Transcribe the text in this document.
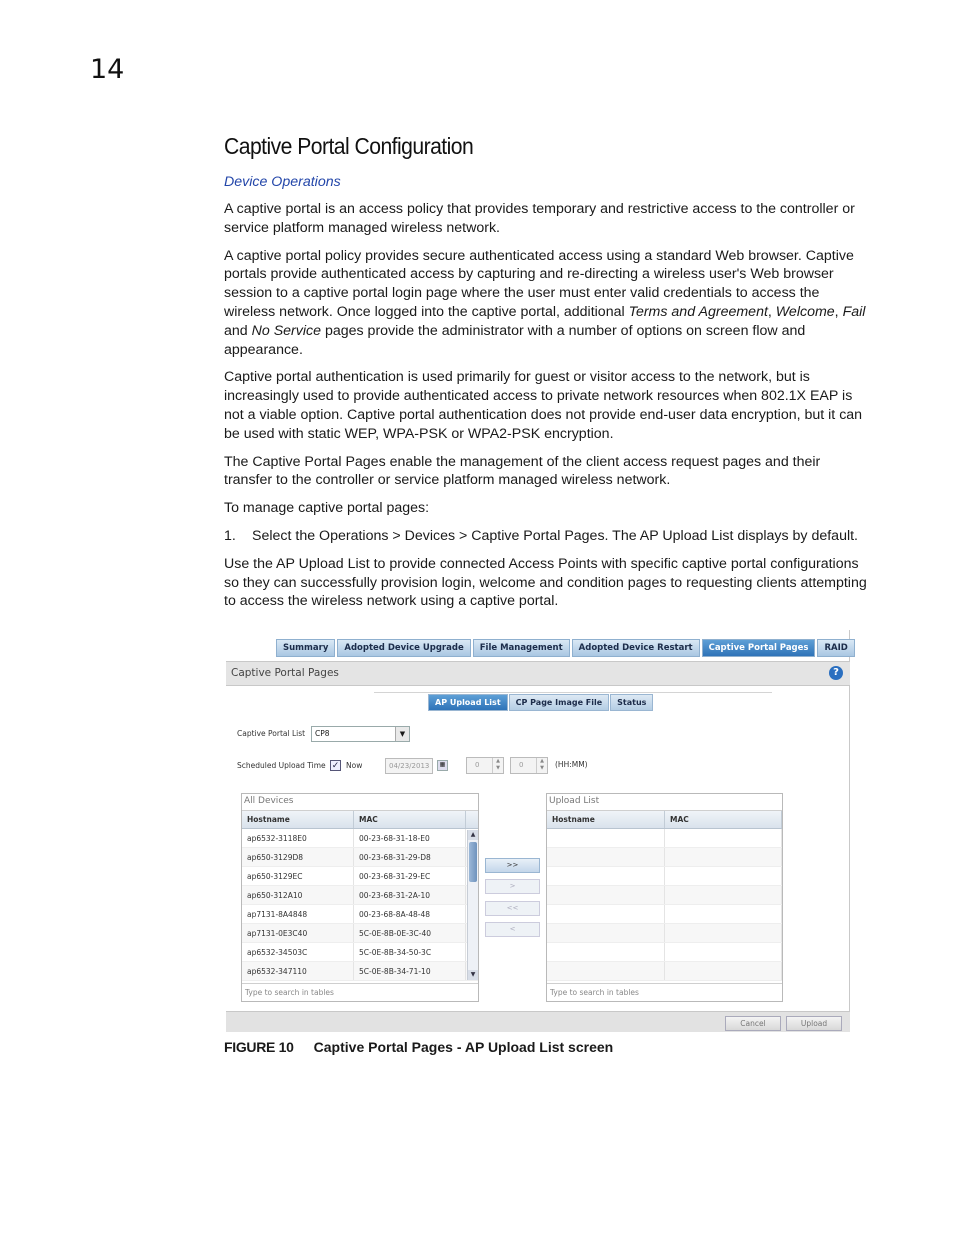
14
Captive Portal Configuration
Device Operations

A captive portal is an access policy that provides temporary and restrictive access to the controller or service platform managed wireless network.

A captive portal policy provides secure authenticated access using a standard Web browser. Captive portals provide authenticated access by capturing and re-directing a wireless user's Web browser session to a captive portal login page where the user must enter valid credentials to access the wireless network. Once logged into the captive portal, additional Terms and Agreement, Welcome, Fail and No Service pages provide the administrator with a number of options on screen flow and appearance.

Captive portal authentication is used primarily for guest or visitor access to the network, but is increasingly used to provide authenticated access to private network resources when 802.1X EAP is not a viable option. Captive portal authentication does not provide end-user data encryption, but it can be used with static WEP, WPA-PSK or WPA2-PSK encryption.

The Captive Portal Pages enable the management of the client access request pages and their transfer to the controller or service platform managed wireless network.

To manage captive portal pages:

1.	Select the Operations > Devices > Captive Portal Pages. The AP Upload List displays by default.

Use the AP Upload List to provide connected Access Points with specific captive portal configurations so they can successfully provision login, welcome and condition pages to requesting clients attempting to access the wireless network using a captive portal.

Summary	Adopted Device Upgrade	File Management	Adopted Device Restart	Captive Portal Pages	RAID
Captive Portal Pages	?
AP Upload List	CP Page Image File	Status
Captive Portal List	CP8	▼
Scheduled Upload Time ✓ Now	04/23/2013	▦	0	▲
▼	0	▲
▼	(HH:MM)
All Devices
Hostname	MAC
ap6532-3118E0	00-23-68-31-18-E0
ap650-3129D8	00-23-68-31-29-D8
ap650-3129EC	00-23-68-31-29-EC
ap650-312A10	00-23-68-31-2A-10
ap7131-8A4848	00-23-68-8A-48-48
ap7131-0E3C40	5C-0E-8B-0E-3C-40
ap6532-34503C	5C-0E-8B-34-50-3C
ap6532-347110	5C-0E-8B-34-71-10
▲
▼
Type to search in tables
>>
>
<<
<
Upload List
Hostname	MAC
Type to search in tables
Cancel	Upload
FIGURE 10 Captive Portal Pages - AP Upload List screen
